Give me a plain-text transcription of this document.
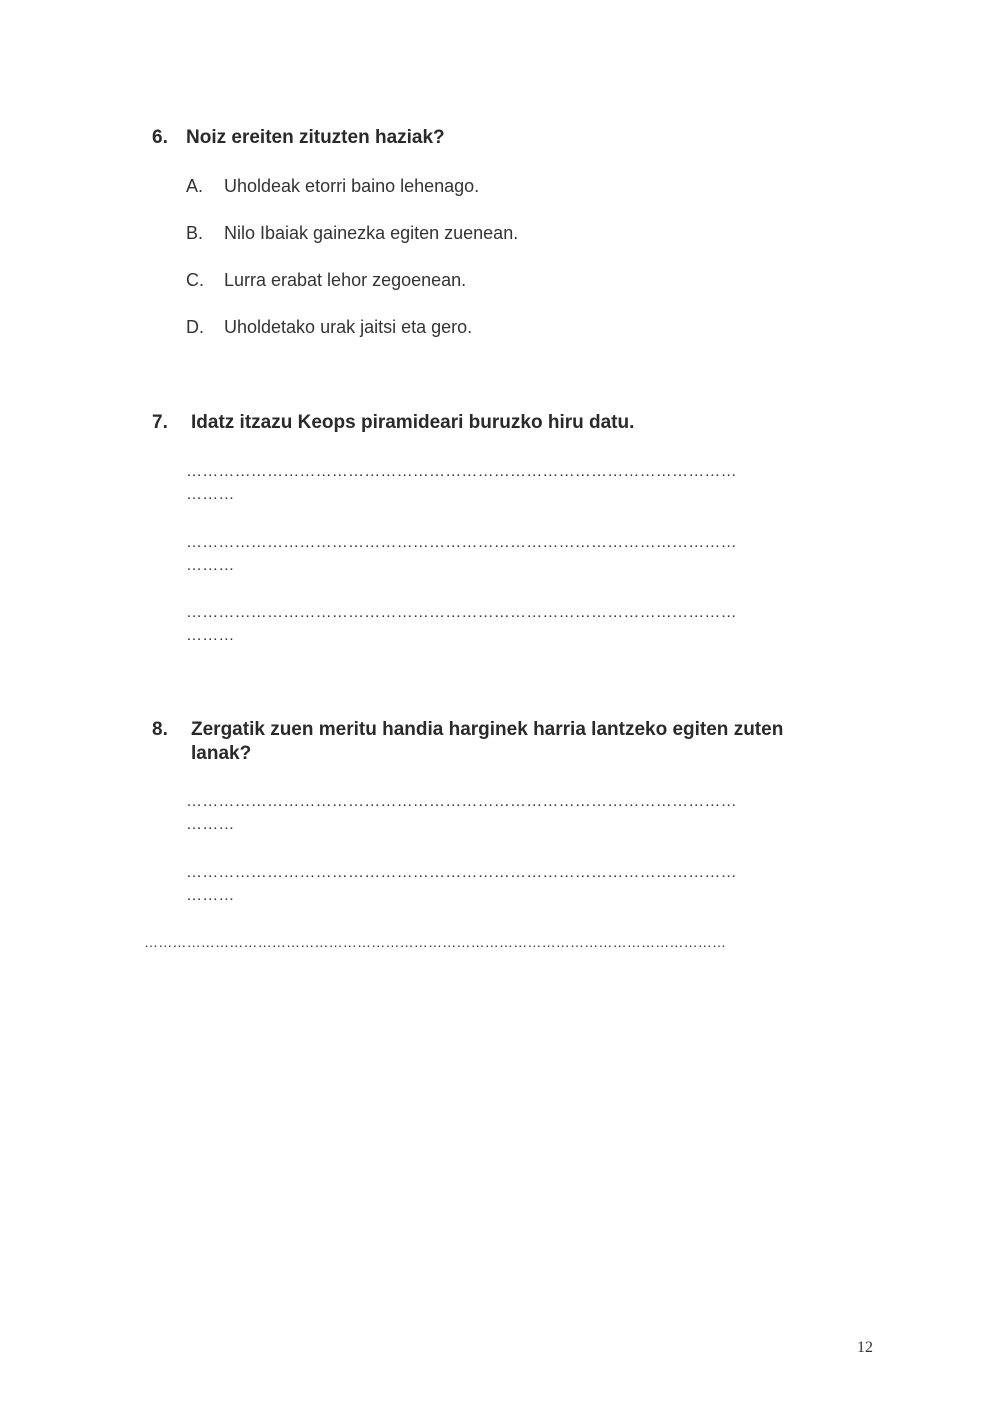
6. Noiz ereiten zituzten haziak?
A. Uholdeak etorri baino lehenago.
B. Nilo Ibaiak gainezka egiten zuenean.
C. Lurra erabat lehor zegoenean.
D. Uholdetako urak jaitsi eta gero.
7. Idatz itzazu Keops piramideari buruzko hiru datu.
…………………………………………………………………………………………
………
…………………………………………………………………………………………
………
…………………………………………………………………………………………
………
8. Zergatik zuen meritu handia harginek harria lantzeko egiten zuten
lanak?
…………………………………………………………………………………………
………
…………………………………………………………………………………………
………
……………………………………………………………………………………………………………
12
